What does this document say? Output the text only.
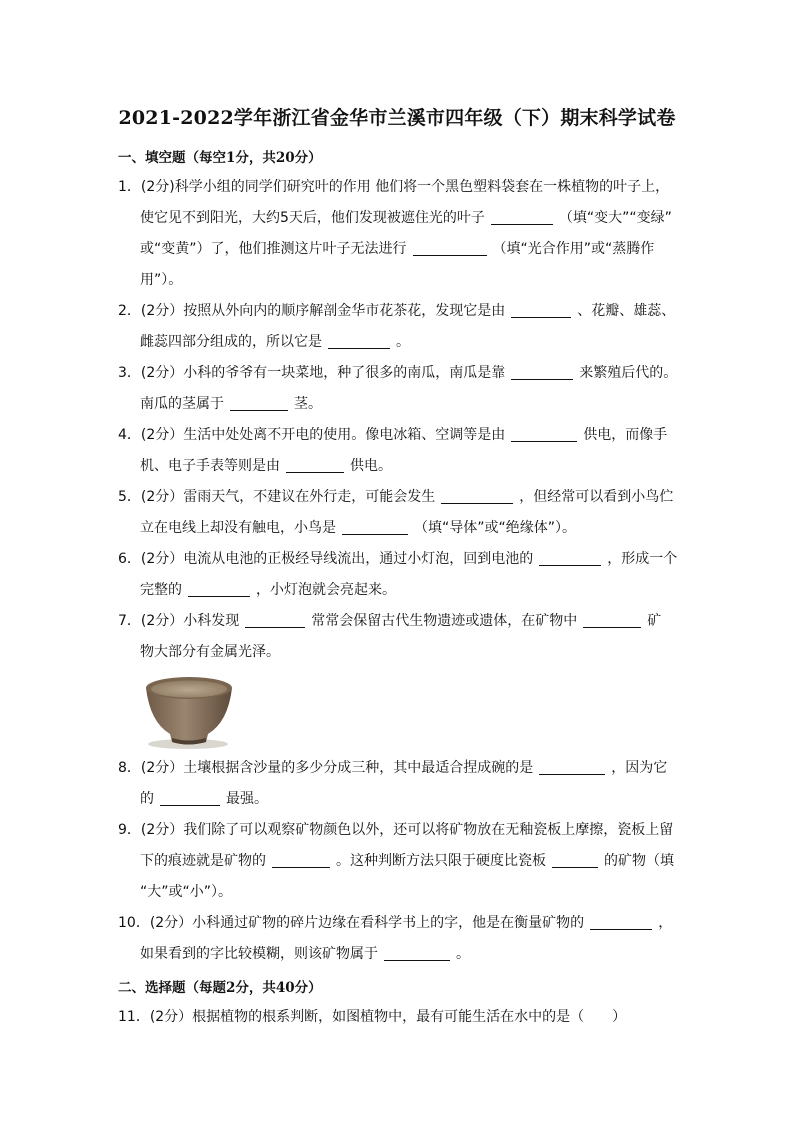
2021-2022学年浙江省金华市兰溪市四年级（下）期末科学试卷
一、填空题（每空1分，共20分）
1．(2分)科学小组的同学们研究叶的作用 他们将一个黑色塑料袋套在一株植物的叶子上，
使它见不到阳光，大约5天后，他们发现被遮住光的叶子	（填“变大”“变绿”
或“变黄”）了，他们推测这片叶子无法进行	（填“光合作用”或“蒸腾作
用”）。
2．(2分）按照从外向内的顺序解剖金华市花茶花，发现它是由	、花瓣、雄蕊、
雌蕊四部分组成的，所以它是	。
3．(2分）小科的爷爷有一块菜地，种了很多的南瓜，南瓜是靠	来繁殖后代的。
南瓜的茎属于	茎。
4．(2分）生活中处处离不开电的使用。像电冰箱、空调等是由	供电，而像手
机、电子手表等则是由	供电。
5．(2分）雷雨天气，不建议在外行走，可能会发生	，但经常可以看到小鸟伫
立在电线上却没有触电，小鸟是	（填“导体”或“绝缘体”）。
6．(2分）电流从电池的正极经导线流出，通过小灯泡，回到电池的	，形成一个
完整的	，小灯泡就会亮起来。
7．(2分）小科发现	常常会保留古代生物遗迹或遗体，在矿物中	矿
物大部分有金属光泽。
8．(2分）土壤根据含沙量的多少分成三种，其中最适合捏成碗的是	，因为它
的	最强。
9．(2分）我们除了可以观察矿物颜色以外，还可以将矿物放在无釉瓷板上摩擦，瓷板上留
下的痕迹就是矿物的	。这种判断方法只限于硬度比瓷板	的矿物（填
“大”或“小”）。
10．(2分）小科通过矿物的碎片边缘在看科学书上的字，他是在衡量矿物的	，
如果看到的字比较模糊，则该矿物属于	。
二、选择题（每题2分，共40分）
11．(2分）根据植物的根系判断，如图植物中，最有可能生活在水中的是（　　）
